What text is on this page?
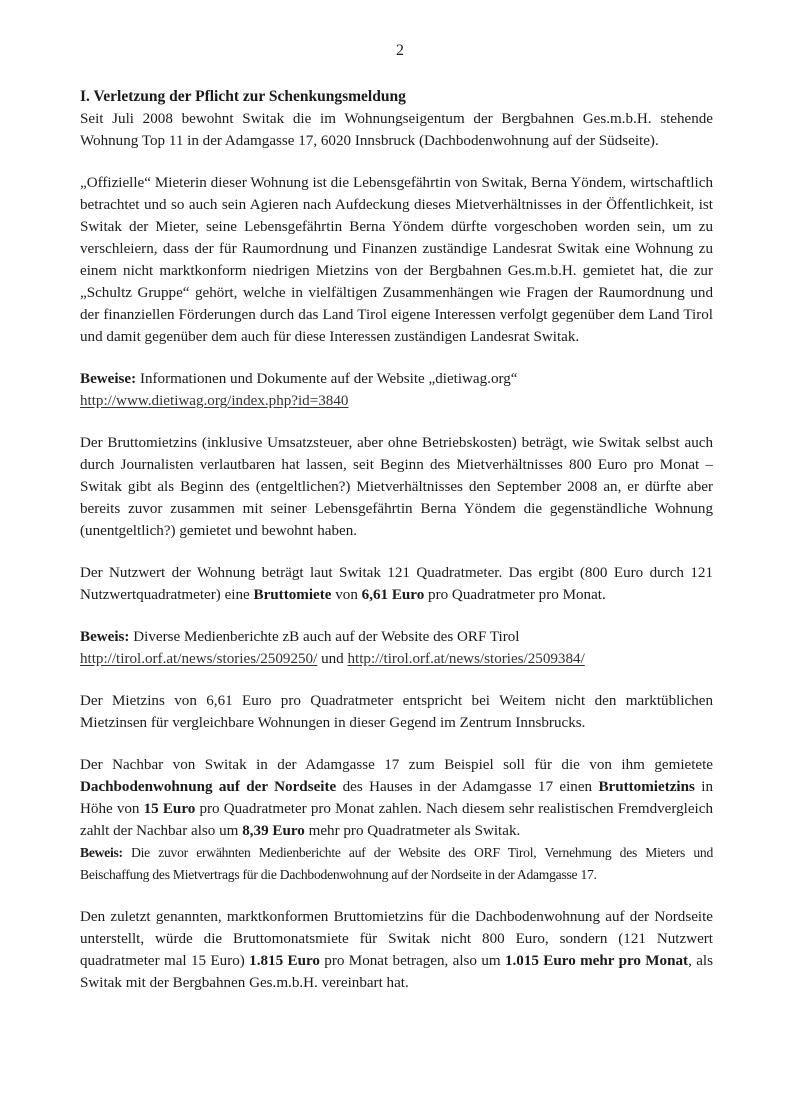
2

I. Verletzung der Pflicht zur Schenkungsmeldung

Seit Juli 2008 bewohnt Switak die im Wohnungseigentum der Bergbahnen Ges.m.b.H. stehende Wohnung Top 11 in der Adamgasse 17, 6020 Innsbruck (Dachbodenwohnung auf der Südseite).

„Offizielle“ Mieterin dieser Wohnung ist die Lebensgefährtin von Switak, Berna Yöndem, wirtschaftlich betrachtet und so auch sein Agieren nach Aufdeckung dieses Mietverhältnisses in der Öffentlichkeit, ist Switak der Mieter, seine Lebensgefährtin Berna Yöndem dürfte vorgeschoben worden sein, um zu verschleiern, dass der für Raumordnung und Finanzen zuständige Landesrat Switak eine Wohnung zu einem nicht marktkonform niedrigen Mietzins von der Bergbahnen Ges.m.b.H. gemietet hat, die zur „Schultz Gruppe“ gehört, welche in vielfältigen Zusammenhängen wie Fragen der Raumordnung und der finanziellen Förderungen durch das Land Tirol eigene Interessen verfolgt gegenüber dem Land Tirol und damit gegenüber dem auch für diese Interessen zuständigen Landesrat Switak.

Beweise: Informationen und Dokumente auf der Website „dietiwag.org“
http://www.dietiwag.org/index.php?id=3840

Der Bruttomietzins (inklusive Umsatzsteuer, aber ohne Betriebskosten) beträgt, wie Switak selbst auch durch Journalisten verlautbaren hat lassen, seit Beginn des Mietverhältnisses 800 Euro pro Monat – Switak gibt als Beginn des (entgeltlichen?) Mietverhältnisses den September 2008 an, er dürfte aber bereits zuvor zusammen mit seiner Lebensgefährtin Berna Yöndem die gegenständliche Wohnung (unentgeltlich?) gemietet und bewohnt haben.

Der Nutzwert der Wohnung beträgt laut Switak 121 Quadratmeter. Das ergibt (800 Euro durch 121 Nutzwertquadratmeter) eine Bruttomiete von 6,61 Euro pro Quadratmeter pro Monat.

Beweis: Diverse Medienberichte zB auch auf der Website des ORF Tirol
http://tirol.orf.at/news/stories/2509250/ und http://tirol.orf.at/news/stories/2509384/

Der Mietzins von 6,61 Euro pro Quadratmeter entspricht bei Weitem nicht den marktüblichen Mietzinsen für vergleichbare Wohnungen in dieser Gegend im Zentrum Innsbrucks.

Der Nachbar von Switak in der Adamgasse 17 zum Beispiel soll für die von ihm gemietete Dachbodenwohnung auf der Nordseite des Hauses in der Adamgasse 17 einen Bruttomietzins in Höhe von 15 Euro pro Quadratmeter pro Monat zahlen. Nach diesem sehr realistischen Fremdvergleich zahlt der Nachbar also um 8,39 Euro mehr pro Quadratmeter als Switak.

Beweis: Die zuvor erwähnten Medienberichte auf der Website des ORF Tirol, Vernehmung des Mieters und Beischaffung des Mietvertrags für die Dachbodenwohnung auf der Nordseite in der Adamgasse 17.

Den zuletzt genannten, marktkonformen Bruttomietzins für die Dachbodenwohnung auf der Nordseite unterstellt, würde die Bruttomonatsmiete für Switak nicht 800 Euro, sondern (121 Nutzwert quadratmeter mal 15 Euro) 1.815 Euro pro Monat betragen, also um 1.015 Euro mehr pro Monat, als Switak mit der Bergbahnen Ges.m.b.H. vereinbart hat.
